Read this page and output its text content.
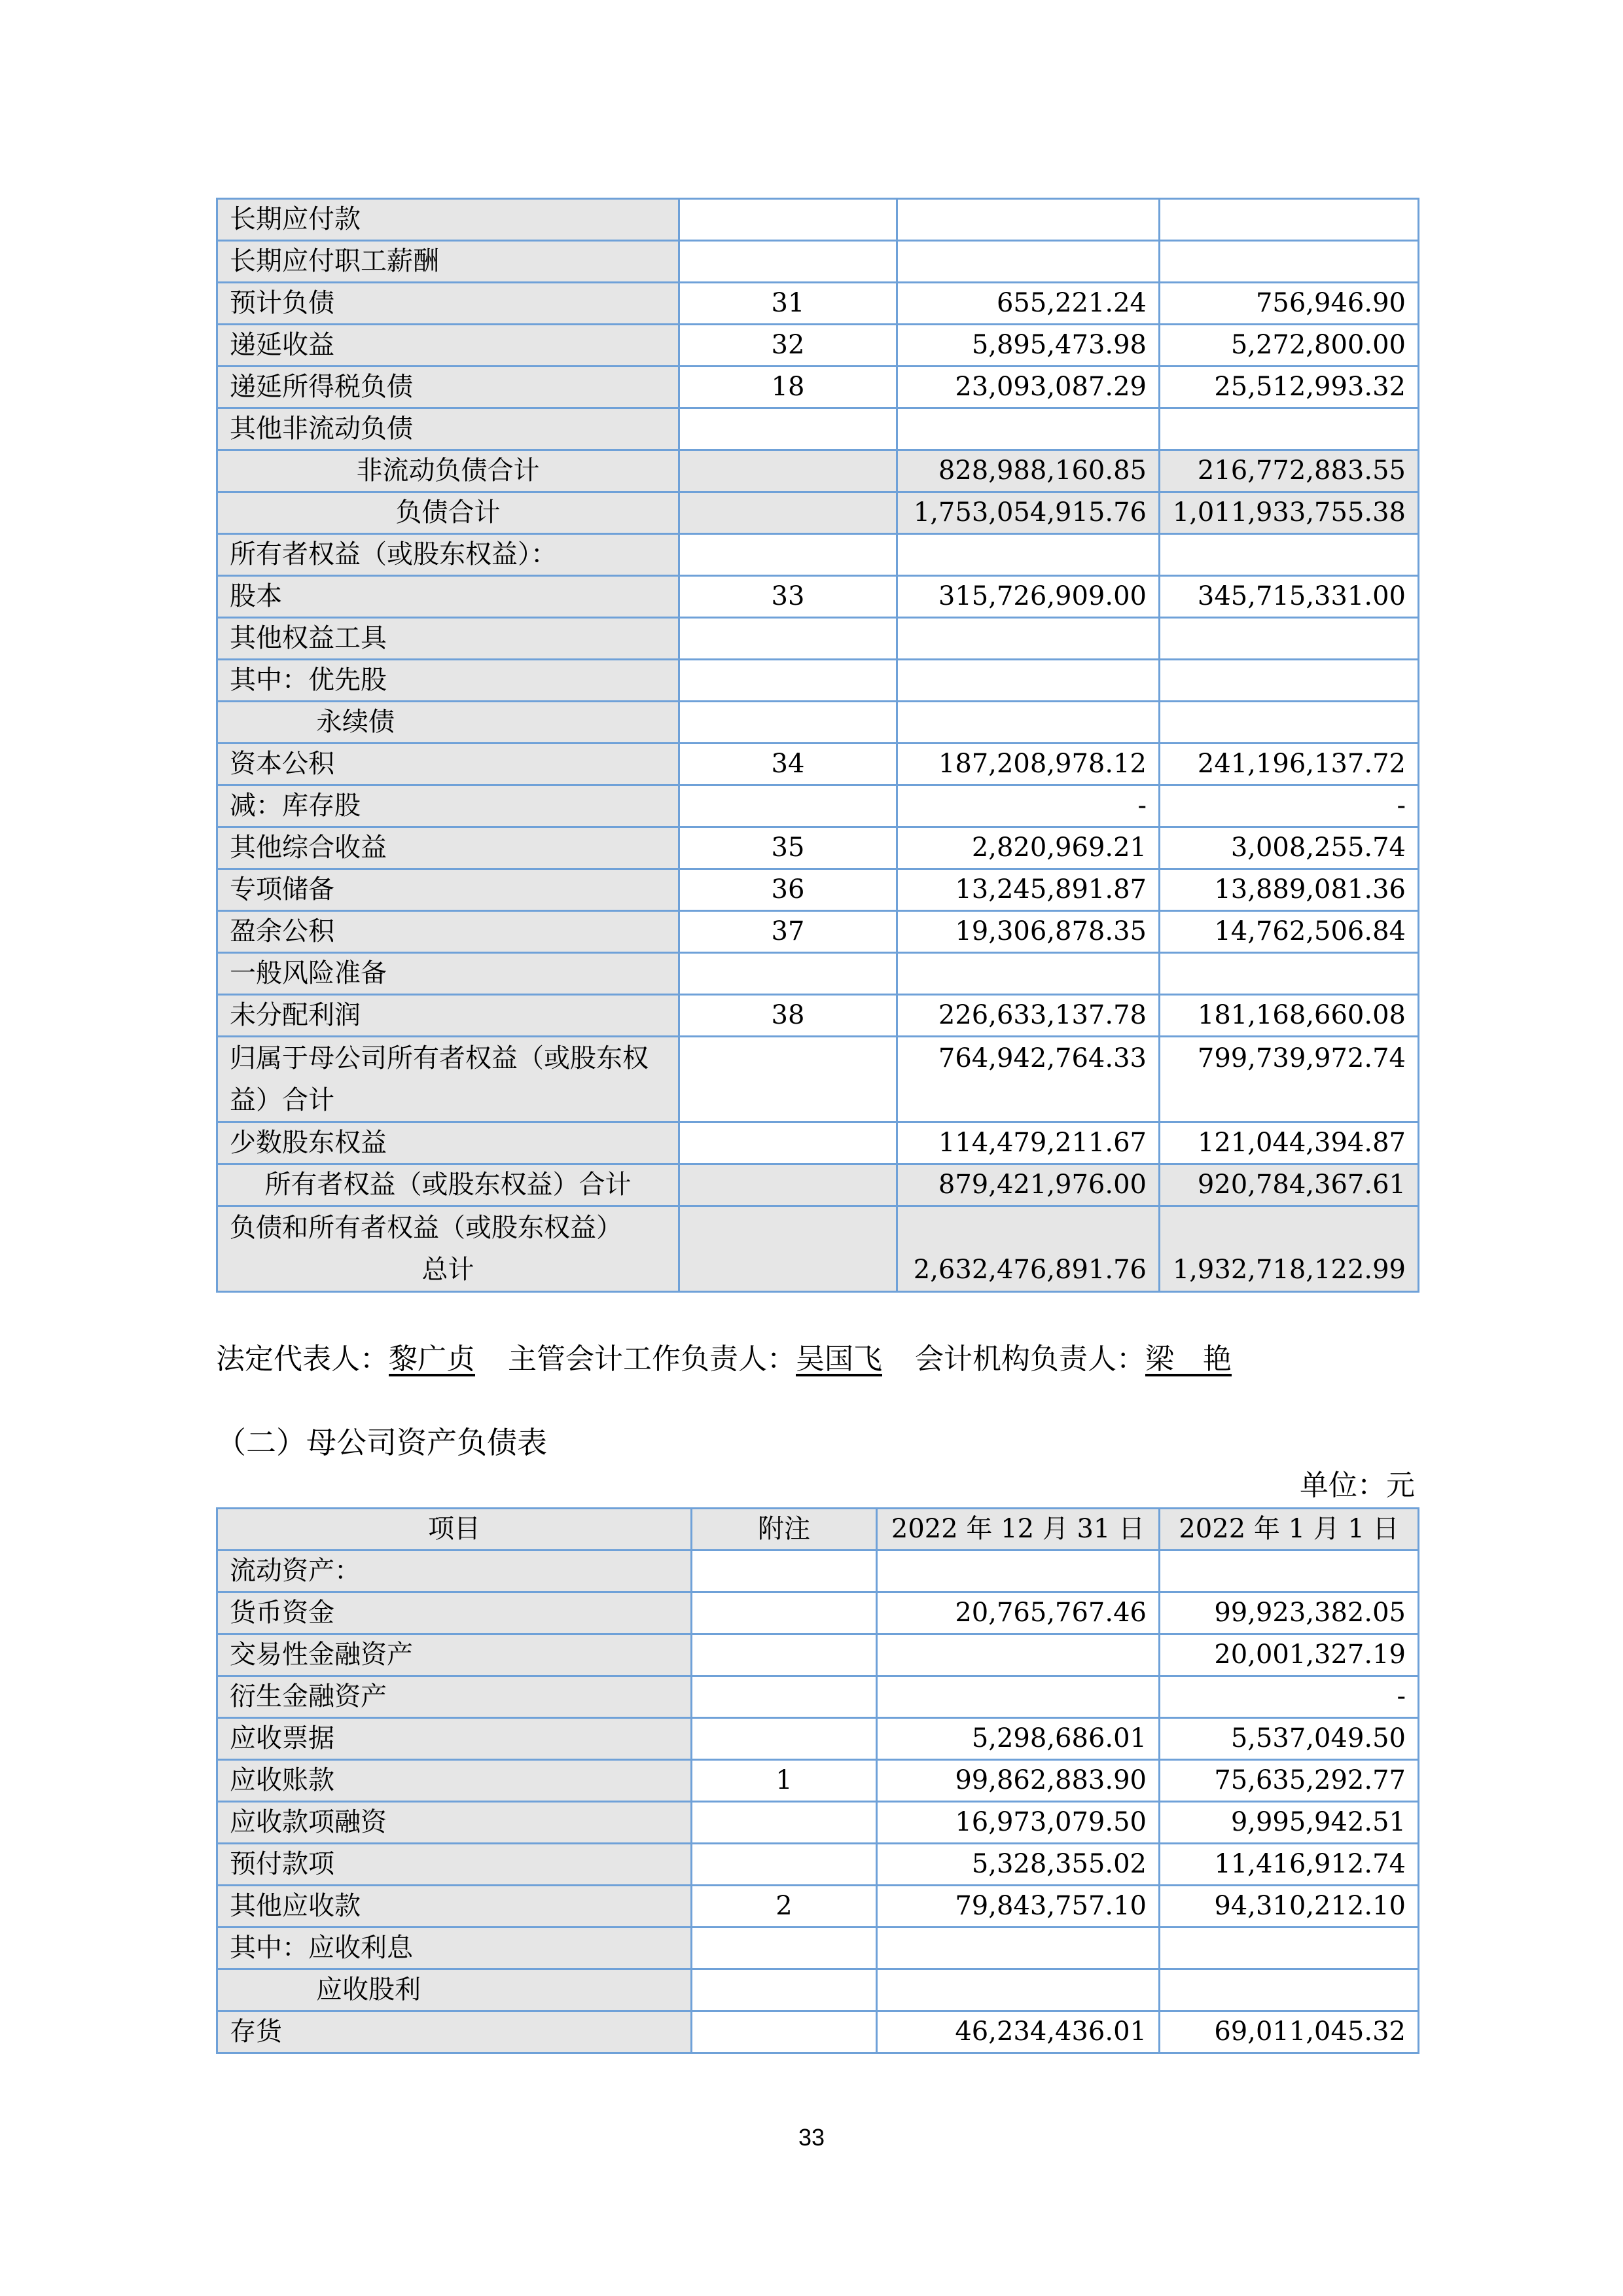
长期应付款			
长期应付职工薪酬			
预计负债	31	655,221.24	756,946.90
递延收益	32	5,895,473.98	5,272,800.00
递延所得税负债	18	23,093,087.29	25,512,993.32
其他非流动负债			
非流动负债合计		828,988,160.85	216,772,883.55
负债合计		1,753,054,915.76	1,011,933,755.38
所有者权益（或股东权益）：			
股本	33	315,726,909.00	345,715,331.00
其他权益工具			
其中：优先股			
永续债			
资本公积	34	187,208,978.12	241,196,137.72
减：库存股		-	-
其他综合收益	35	2,820,969.21	3,008,255.74
专项储备	36	13,245,891.87	13,889,081.36
盈余公积	37	19,306,878.35	14,762,506.84
一般风险准备			
未分配利润	38	226,633,137.78	181,168,660.08
归属于母公司所有者权益（或股东权益）合计		764,942,764.33	799,739,972.74
少数股东权益		114,479,211.67	121,044,394.87
所有者权益（或股东权益）合计		879,421,976.00	920,784,367.61

负债和所有者权益（或股东权益）
总计		2,632,476,891.76	1,932,718,122.99
法定代表人：黎广贞 主管会计工作负责人：吴国飞 会计机构负责人：梁　艳
（二）母公司资产负债表
单位：元
项目	附注	2022 年 12 月 31 日	2022 年 1 月 1 日
流动资产：			
货币资金		20,765,767.46	99,923,382.05
交易性金融资产			20,001,327.19
衍生金融资产			-
应收票据		5,298,686.01	5,537,049.50
应收账款	1	99,862,883.90	75,635,292.77
应收款项融资		16,973,079.50	9,995,942.51
预付款项		5,328,355.02	11,416,912.74
其他应收款	2	79,843,757.10	94,310,212.10
其中：应收利息			
应收股利			
存货		46,234,436.01	69,011,045.32
33
